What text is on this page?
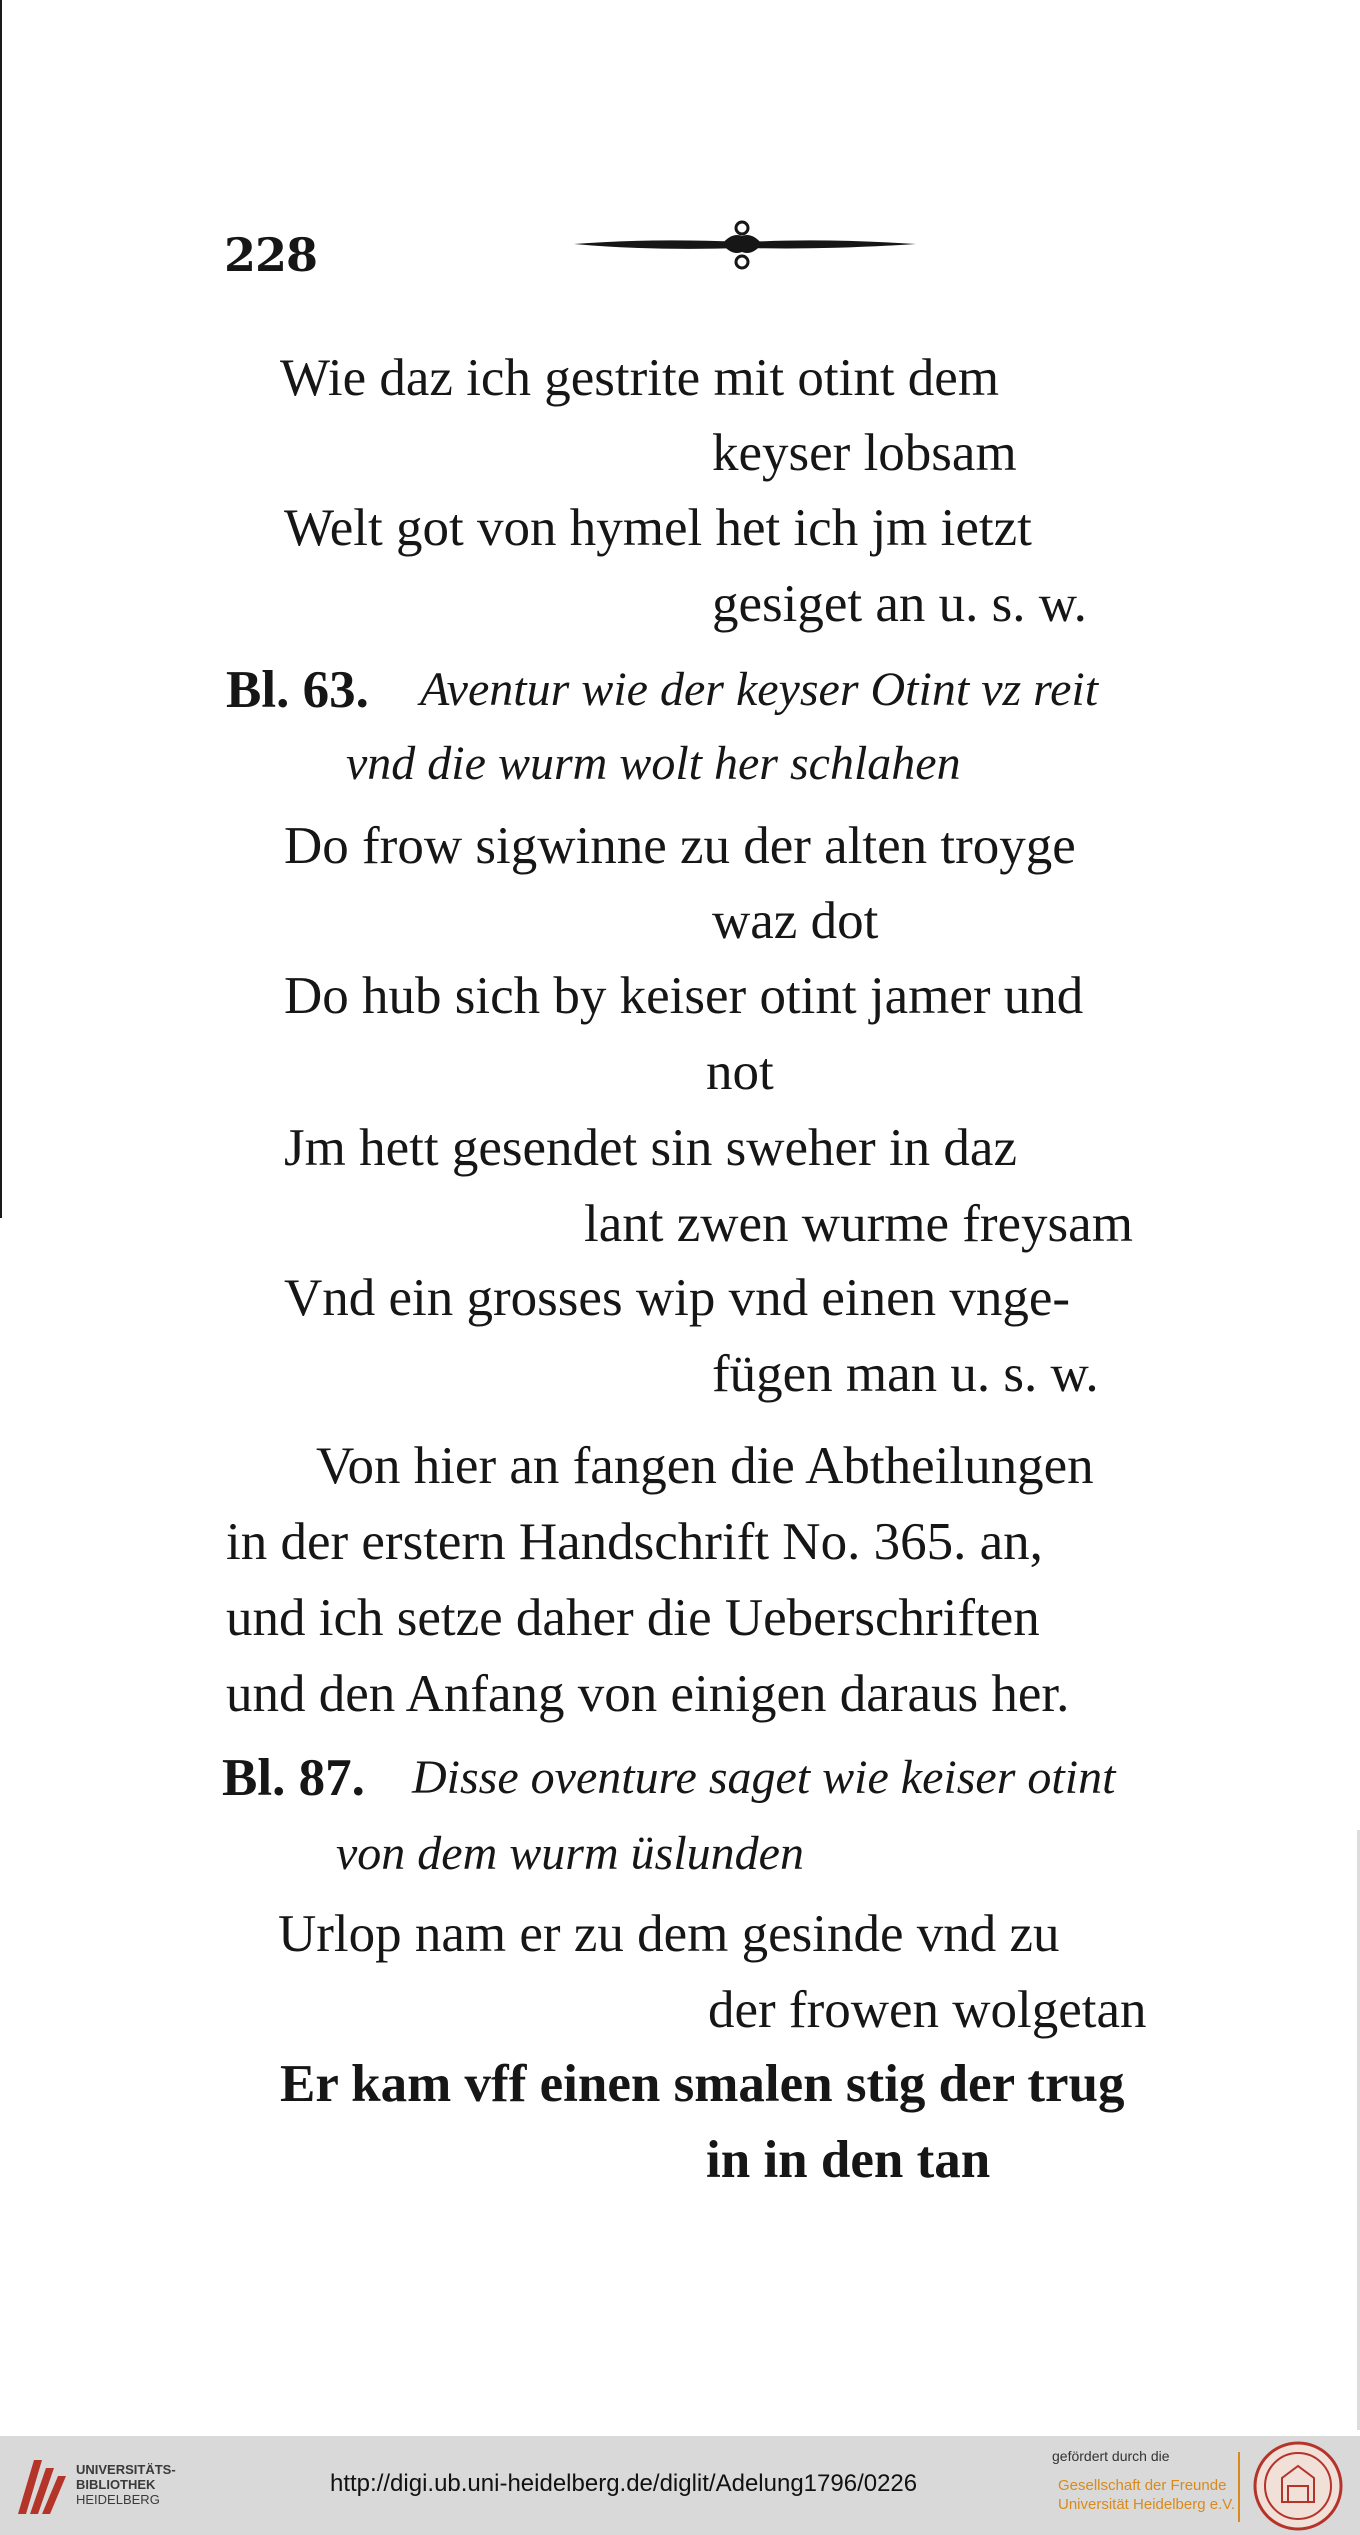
228
Wie daz ich gestrite mit otint dem
keyser lobsam
Welt got von hymel het ich jm ietzt
gesiget an u. s. w.
Bl. 63. Aventur wie der keyser Otint vz reit
vnd die wurm wolt her schlahen
Do frow sigwinne zu der alten troyge
waz dot
Do hub sich by keiser otint jamer und
not
Jm hett gesendet sin sweher in daz
lant zwen wurme freysam
Vnd ein grosses wip vnd einen vnge-
fügen man u. s. w.
Von hier an fangen die Abtheilungen
in der erstern Handschrift No. 365. an,
und ich setze daher die Ueberschriften
und den Anfang von einigen daraus her.
Bl. 87. Disse oventure saget wie keiser otint
von dem wurm üslunden
Urlop nam er zu dem gesinde vnd zu
der frowen wolgetan
Er kam vff einen smalen stig der trug
in in den tan
UNIVERSITÄTS-
BIBLIOTHEK
HEIDELBERG
http://digi.ub.uni-heidelberg.de/diglit/Adelung1796/0226
gefördert durch die
Gesellschaft der Freunde
Universität Heidelberg e.V.
